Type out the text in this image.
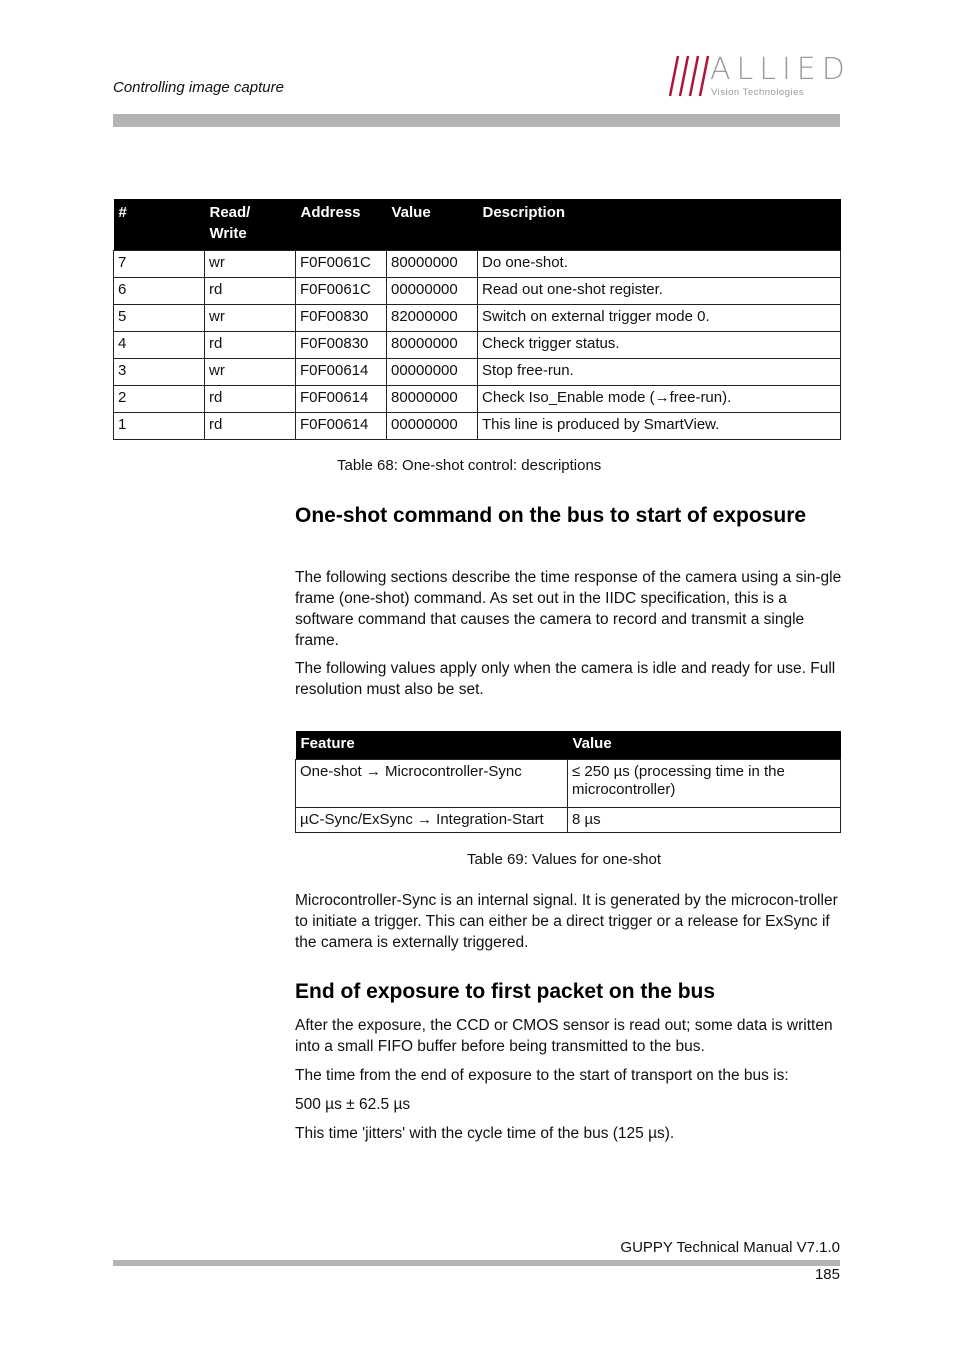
Controlling image capture
ALLIED
Vision Technologies
#	Read/ Write	Address	Value	Description
7	wr	F0F0061C	80000000	Do one-shot.
6	rd	F0F0061C	00000000	Read out one-shot register.
5	wr	F0F00830	82000000	Switch on external trigger mode 0.
4	rd	F0F00830	80000000	Check trigger status.
3	wr	F0F00614	00000000	Stop free-run.
2	rd	F0F00614	80000000	Check Iso_Enable mode (→free-run).
1	rd	F0F00614	00000000	This line is produced by SmartView.
Table 68: One-shot control: descriptions
One-shot command on the bus to start of exposure

The following sections describe the time response of the camera using a sin-gle frame (one-shot) command. As set out in the IIDC specification, this is a software command that causes the camera to record and transmit a single frame.

The following values apply only when the camera is idle and ready for use. Full resolution must also be set.

Feature	Value
One-shot → Microcontroller-Sync	≤ 250 µs (processing time in the microcontroller)
µC-Sync/ExSync → Integration-Start	8 µs
Table 69: Values for one-shot

Microcontroller-Sync is an internal signal. It is generated by the microcon-troller to initiate a trigger. This can either be a direct trigger or a release for ExSync if the camera is externally triggered.

End of exposure to first packet on the bus

After the exposure, the CCD or CMOS sensor is read out; some data is written into a small FIFO buffer before being transmitted to the bus.

The time from the end of exposure to the start of transport on the bus is:

500 µs ± 62.5 µs

This time 'jitters' with the cycle time of the bus (125 µs).

GUPPY Technical Manual V7.1.0
185
